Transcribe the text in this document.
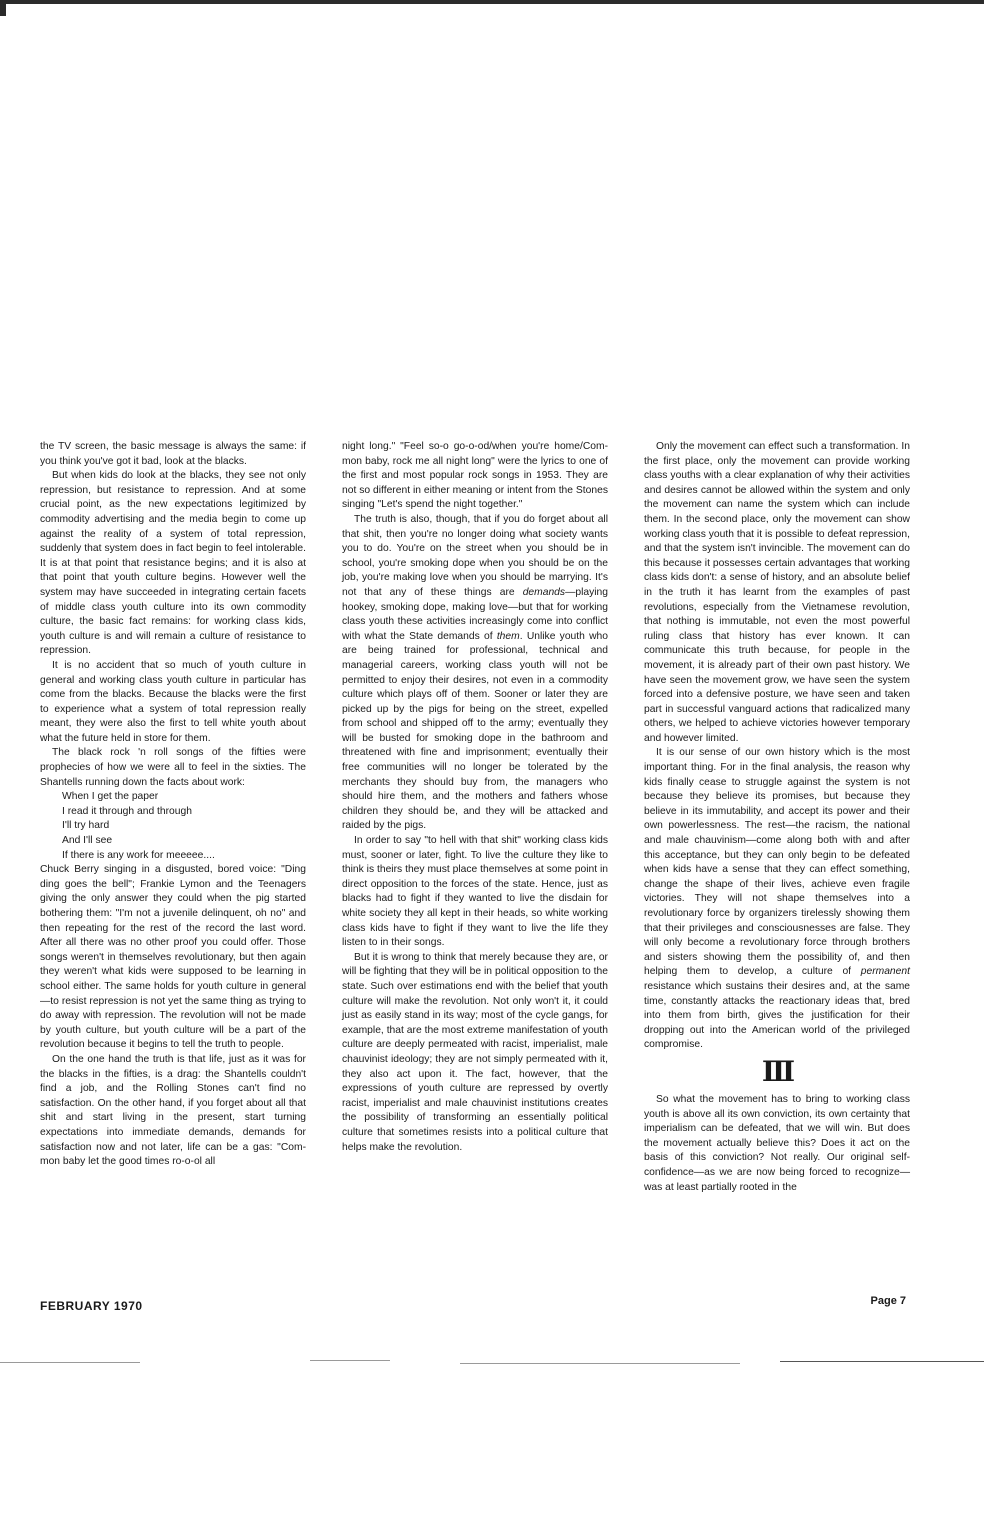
the TV screen, the basic message is always the same: if you think you've got it bad, look at the blacks.

But when kids do look at the blacks, they see not only repression, but resistance to repression. And at some crucial point, as the new expectations legitimized by commodity advertising and the media begin to come up against the reality of a system of total repression, suddenly that system does in fact begin to feel intolerable. It is at that point that resistance begins; and it is also at that point that youth culture begins. However well the system may have succeeded in integrating certain facets of middle class youth culture into its own commodity culture, the basic fact remains: for working class kids, youth culture is and will remain a culture of resistance to repression.

It is no accident that so much of youth culture in general and working class youth culture in particular has come from the blacks. Because the blacks were the first to experience what a system of total repression really meant, they were also the first to tell white youth about what the future held in store for them.

The black rock 'n roll songs of the fifties were prophecies of how we were all to feel in the sixties. The Shantells running down the facts about work:

When I get the paper

I read it through and through

I'll try hard

And I'll see

If there is any work for meeeee....

Chuck Berry singing in a disgusted, bored voice: "Ding ding goes the bell"; Frankie Lymon and the Teenagers giving the only answer they could when the pig started bothering them: "I'm not a juvenile delinquent, oh no" and then repeating for the rest of the record the last word. After all there was no other proof you could offer. Those songs weren't in themselves revolutionary, but then again they weren't what kids were supposed to be learning in school either. The same holds for youth culture in general—to resist repression is not yet the same thing as trying to do away with repression. The revolution will not be made by youth culture, but youth culture will be a part of the revolution because it begins to tell the truth to people.

On the one hand the truth is that life, just as it was for the blacks in the fifties, is a drag: the Shantells couldn't find a job, and the Rolling Stones can't find no satisfaction. On the other hand, if you forget about all that shit and start living in the present, start turning expectations into immediate demands, demands for satisfaction now and not later, life can be a gas: "Com-mon baby let the good times ro-o-ol all

night long." "Feel so-o go-o-od/when you're home/Com-mon baby, rock me all night long" were the lyrics to one of the first and most popular rock songs in 1953. They are not so different in either meaning or intent from the Stones singing "Let's spend the night together."

The truth is also, though, that if you do forget about all that shit, then you're no longer doing what society wants you to do. You're on the street when you should be in school, you're smoking dope when you should be on the job, you're making love when you should be marrying. It's not that any of these things are demands—playing hookey, smoking dope, making love—but that for working class youth these activities increasingly come into conflict with what the State demands of them. Unlike youth who are being trained for professional, technical and managerial careers, working class youth will not be permitted to enjoy their desires, not even in a commodity culture which plays off of them. Sooner or later they are picked up by the pigs for being on the street, expelled from school and shipped off to the army; eventually they will be busted for smoking dope in the bathroom and threatened with fine and imprisonment; eventually their free communities will no longer be tolerated by the merchants they should buy from, the managers who should hire them, and the mothers and fathers whose children they should be, and they will be attacked and raided by the pigs.

In order to say "to hell with that shit" working class kids must, sooner or later, fight. To live the culture they like to think is theirs they must place themselves at some point in direct opposition to the forces of the state. Hence, just as blacks had to fight if they wanted to live the disdain for white society they all kept in their heads, so white working class kids have to fight if they want to live the life they listen to in their songs.

But it is wrong to think that merely because they are, or will be fighting that they will be in political opposition to the state. Such over estimations end with the belief that youth culture will make the revolution. Not only won't it, it could just as easily stand in its way; most of the cycle gangs, for example, that are the most extreme manifestation of youth culture are deeply permeated with racist, imperialist, male chauvinist ideology; they are not simply permeated with it, they also act upon it. The fact, however, that the expressions of youth culture are repressed by overtly racist, imperialist and male chauvinist institutions creates the possibility of transforming an essentially political culture that sometimes resists into a political culture that helps make the revolution.

Only the movement can effect such a transformation. In the first place, only the movement can provide working class youths with a clear explanation of why their activities and desires cannot be allowed within the system and only the movement can name the system which can include them. In the second place, only the movement can show working class youth that it is possible to defeat repression, and that the system isn't invincible. The movement can do this because it possesses certain advantages that working class kids don't: a sense of history, and an absolute belief in the truth it has learnt from the examples of past revolutions, especially from the Vietnamese revolution, that nothing is immutable, not even the most powerful ruling class that history has ever known. It can communicate this truth because, for people in the movement, it is already part of their own past history. We have seen the movement grow, we have seen the system forced into a defensive posture, we have seen and taken part in successful vanguard actions that radicalized many others, we helped to achieve victories however temporary and however limited.

It is our sense of our own history which is the most important thing. For in the final analysis, the reason why kids finally cease to struggle against the system is not because they believe its promises, but because they believe in its immutability, and accept its power and their own powerlessness. The rest—the racism, the national and male chauvinism—come along both with and after this acceptance, but they can only begin to be defeated when kids have a sense that they can effect something, change the shape of their lives, achieve even fragile victories. They will not shape themselves into a revolutionary force by organizers tirelessly showing them that their privileges and consciousnesses are false. They will only become a revolutionary force through brothers and sisters showing them the possibility of, and then helping them to develop, a culture of permanent resistance which sustains their desires and, at the same time, constantly attacks the reactionary ideas that, bred into them from birth, gives the justification for their dropping out into the American world of the privileged compromise.

III

So what the movement has to bring to working class youth is above all its own conviction, its own certainty that imperialism can be defeated, that we will win. But does the movement actually believe this? Does it act on the basis of this conviction? Not really. Our original self-confidence—as we are now being forced to recognize—was at least partially rooted in the

FEBRUARY 1970	Page 7
